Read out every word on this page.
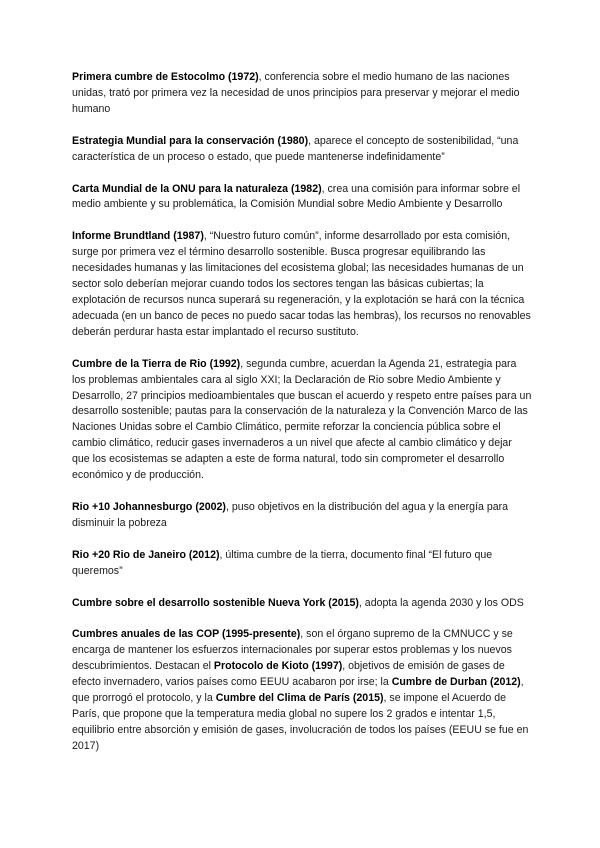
Primera cumbre de Estocolmo (1972), conferencia sobre el medio humano de las naciones unidas, trató por primera vez la necesidad de unos principios para preservar y mejorar el medio humano

Estrategia Mundial para la conservación (1980), aparece el concepto de sostenibilidad, “una característica de un proceso o estado, que puede mantenerse indefinidamente”

Carta Mundial de la ONU para la naturaleza (1982), crea una comisión para informar sobre el medio ambiente y su problemática, la Comisión Mundial sobre Medio Ambiente y Desarrollo

Informe Brundtland (1987), “Nuestro futuro común”, informe desarrollado por esta comisión, surge por primera vez el término desarrollo sostenible. Busca progresar equilibrando las necesidades humanas y las limitaciones del ecosistema global; las necesidades humanas de un sector solo deberían mejorar cuando todos los sectores tengan las básicas cubiertas; la explotación de recursos nunca superará su regeneración, y la explotación se hará con la técnica adecuada (en un banco de peces no puedo sacar todas las hembras), los recursos no renovables deberán perdurar hasta estar implantado el recurso sustituto.

Cumbre de la Tierra de Rio (1992), segunda cumbre, acuerdan la Agenda 21, estrategia para los problemas ambientales cara al siglo XXI; la Declaración de Rio sobre Medio Ambiente y Desarrollo, 27 principios medioambientales que buscan el acuerdo y respeto entre países para un desarrollo sostenible; pautas para la conservación de la naturaleza y la Convención Marco de las Naciones Unidas sobre el Cambio Climático, permite reforzar la conciencia pública sobre el cambio climático, reducir gases invernaderos a un nivel que afecte al cambio climático y dejar que los ecosistemas se adapten a este de forma natural, todo sin comprometer el desarrollo económico y de producción.

Rio +10 Johannesburgo (2002), puso objetivos en la distribución del agua y la energía para disminuir la pobreza

Rio +20 Rio de Janeiro (2012), última cumbre de la tierra, documento final “El futuro que queremos”

Cumbre sobre el desarrollo sostenible Nueva York (2015), adopta la agenda 2030 y los ODS

Cumbres anuales de las COP (1995-presente), son el órgano supremo de la CMNUCC y se encarga de mantener los esfuerzos internacionales por superar estos problemas y los nuevos descubrimientos. Destacan el Protocolo de Kioto (1997), objetivos de emisión de gases de efecto invernadero, varios países como EEUU acabaron por irse; la Cumbre de Durban (2012), que prorrogó el protocolo, y la Cumbre del Clima de París (2015), se impone el Acuerdo de París, que propone que la temperatura media global no supere los 2 grados e intentar 1,5, equilibrio entre absorción y emisión de gases, involucración de todos los países (EEUU se fue en 2017)
